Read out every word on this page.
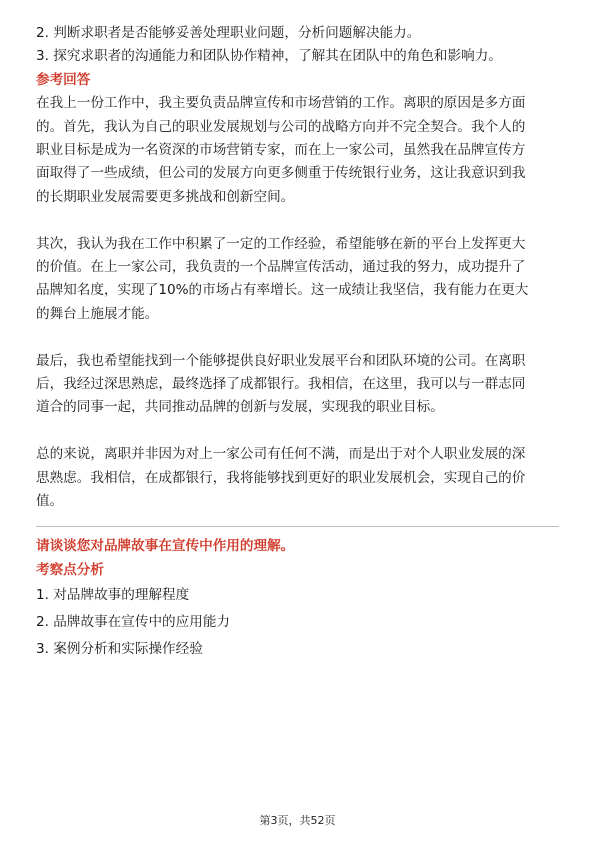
2. 判断求职者是否能够妥善处理职业问题，分析问题解决能力。

3. 探究求职者的沟通能力和团队协作精神，了解其在团队中的角色和影响力。

参考回答

在我上一份工作中，我主要负责品牌宣传和市场营销的工作。离职的原因是多方面

的。首先，我认为自己的职业发展规划与公司的战略方向并不完全契合。我个人的

职业目标是成为一名资深的市场营销专家，而在上一家公司，虽然我在品牌宣传方

面取得了一些成绩，但公司的发展方向更多侧重于传统银行业务，这让我意识到我

的长期职业发展需要更多挑战和创新空间。

其次，我认为我在工作中积累了一定的工作经验，希望能够在新的平台上发挥更大

的价值。在上一家公司，我负责的一个品牌宣传活动，通过我的努力，成功提升了

品牌知名度，实现了10%的市场占有率增长。这一成绩让我坚信，我有能力在更大

的舞台上施展才能。

最后，我也希望能找到一个能够提供良好职业发展平台和团队环境的公司。在离职

后，我经过深思熟虑，最终选择了成都银行。我相信，在这里，我可以与一群志同

道合的同事一起，共同推动品牌的创新与发展，实现我的职业目标。

总的来说，离职并非因为对上一家公司有任何不满，而是出于对个人职业发展的深

思熟虑。我相信，在成都银行，我将能够找到更好的职业发展机会，实现自己的价

值。

请谈谈您对品牌故事在宣传中作用的理解。

考察点分析

1. 对品牌故事的理解程度

2. 品牌故事在宣传中的应用能力

3. 案例分析和实际操作经验

第3页，共52页
